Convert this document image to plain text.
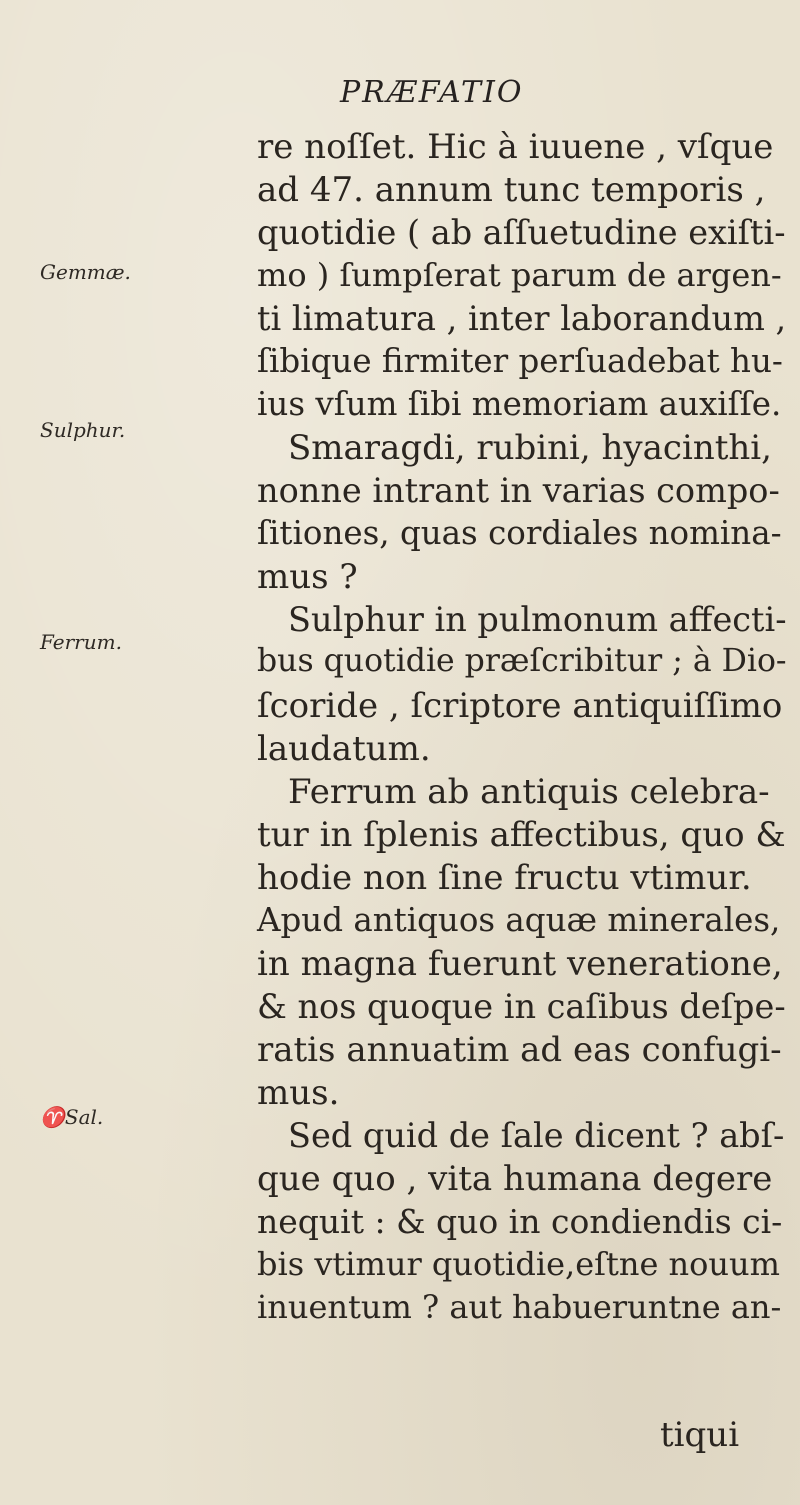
PRÆFATIO
Gemmæ.
Sulphur.
Ferrum.
♈Sal.
re noſſet. Hic à iuuene , vſque
ad 47. annum tunc temporis ,
quotidie ( ab aſſuetudine exiſti-
mo ) ſumpſerat parum de argen-
ti limatura , inter laborandum ,
ſibique firmiter perſuadebat hu-
ius vſum ſibi memoriam auxiſſe.
Smaragdi, rubini, hyacinthi,
nonne intrant in varias compo-
ſitiones, quas cordiales nomina-
mus ?
Sulphur in pulmonum affecti-
bus quotidie præſcribitur ; à Dio-
ſcoride , ſcriptore antiquiſſimo
laudatum.
Ferrum ab antiquis celebra-
tur in ſplenis affectibus, quo &
hodie non ſine fructu vtimur.
Apud antiquos aquæ minerales,
in magna fuerunt veneratione,
& nos quoque in caſibus deſpe-
ratis annuatim ad eas confugi-
mus.
Sed quid de ſale dicent ? abſ-
que quo , vita humana degere
nequit : & quo in condiendis ci-
bis vtimur quotidie,eſtne nouum
inuentum ? aut habueruntne an-
tiqui
